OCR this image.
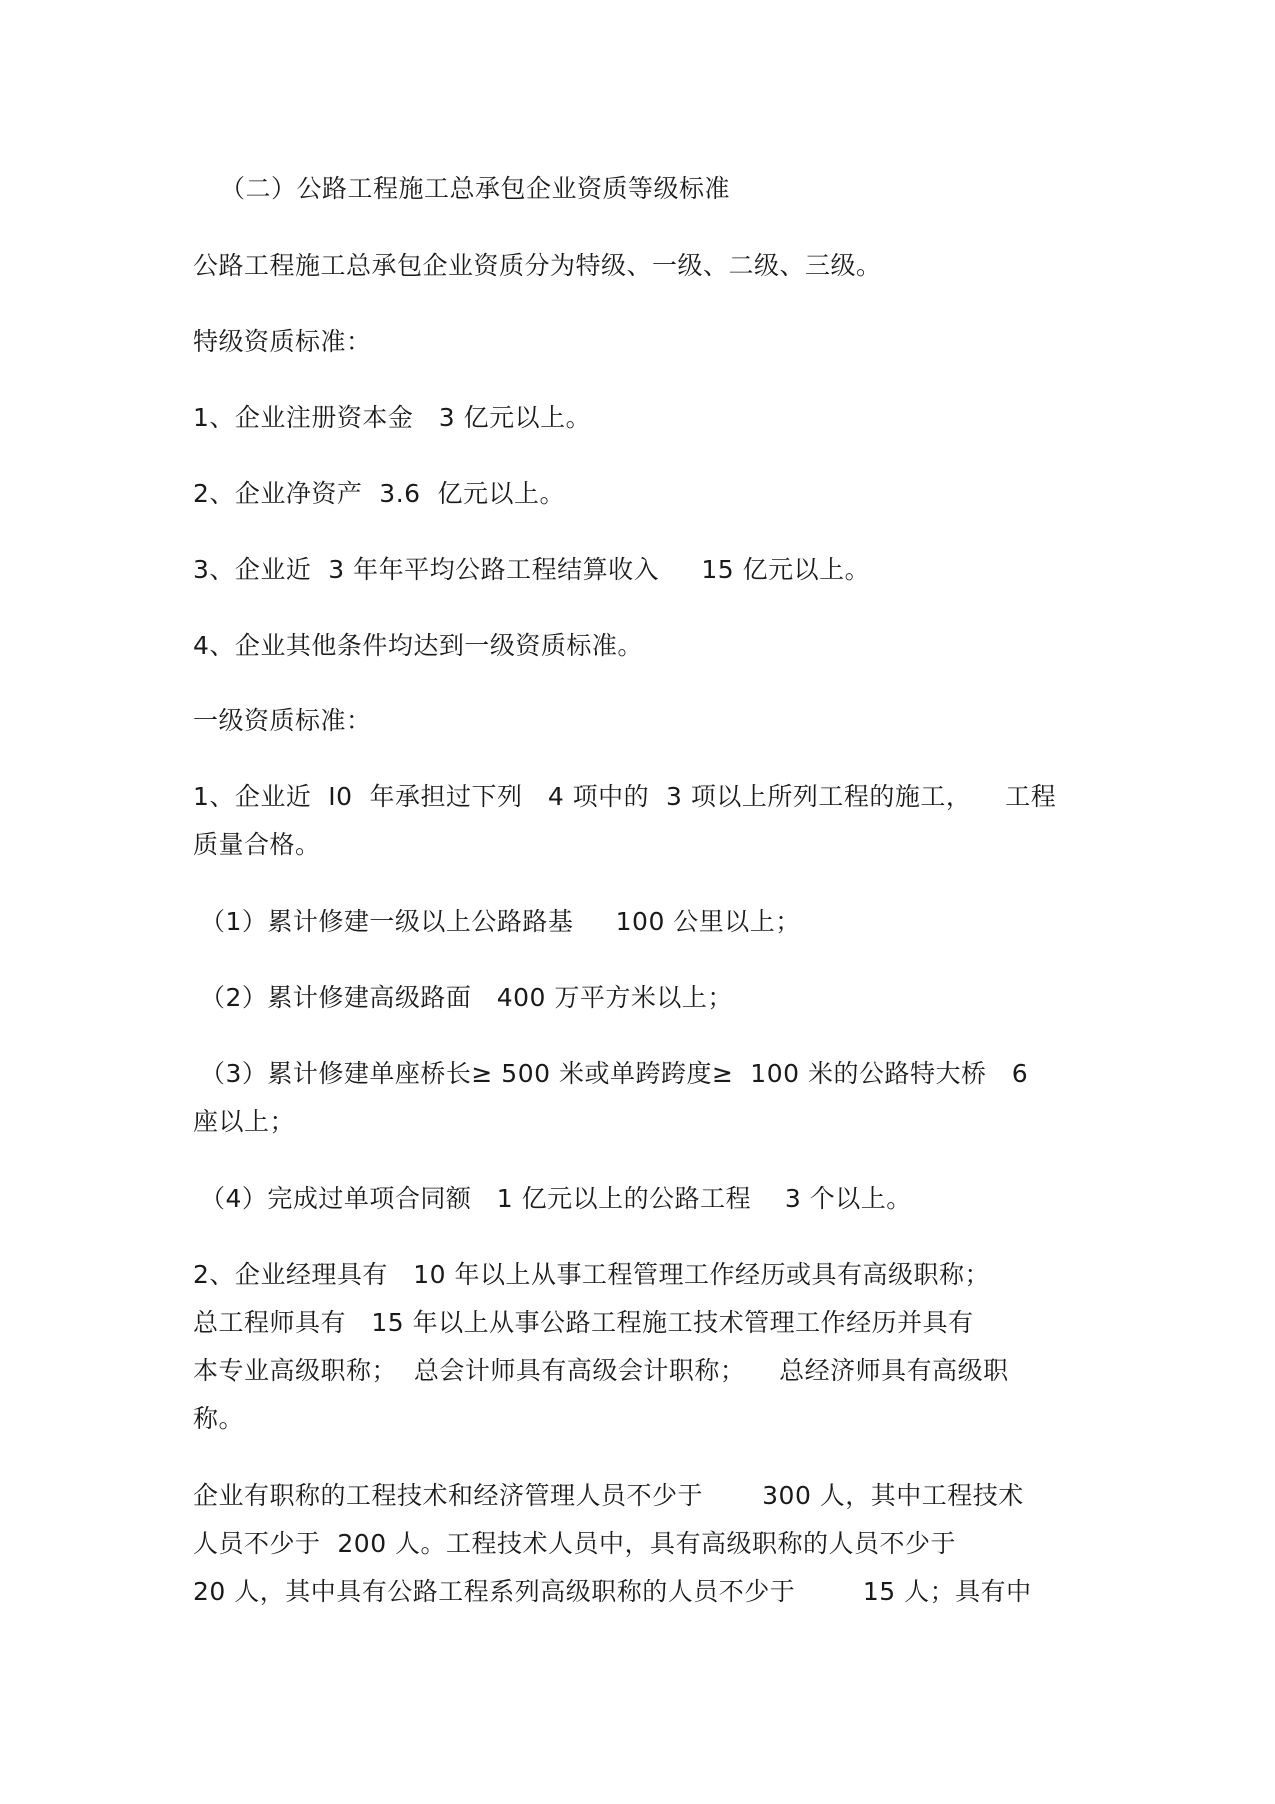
（二）公路工程施工总承包企业资质等级标准
公路工程施工总承包企业资质分为特级、一级、二级、三级。
特级资质标准：
1、企业注册资本金   3 亿元以上。
2、企业净资产  3.6  亿元以上。
3、企业近  3 年年平均公路工程结算收入     15 亿元以上。
4、企业其他条件均达到一级资质标准。
一级资质标准：
1、企业近  I0  年承担过下列   4 项中的  3 项以上所列工程的施工，    工程
质量合格。
（1）累计修建一级以上公路路基     100 公里以上；
（2）累计修建高级路面   400 万平方米以上；
（3）累计修建单座桥长≥ 500 米或单跨跨度≥  100 米的公路特大桥   6
座以上；
（4）完成过单项合同额   1 亿元以上的公路工程    3 个以上。
2、企业经理具有   10 年以上从事工程管理工作经历或具有高级职称；
总工程师具有   15 年以上从事公路工程施工技术管理工作经历并具有
本专业高级职称；  总会计师具有高级会计职称；    总经济师具有高级职
称。
企业有职称的工程技术和经济管理人员不少于       300 人，其中工程技术
人员不少于  200 人。工程技术人员中，具有高级职称的人员不少于
20 人，其中具有公路工程系列高级职称的人员不少于        15 人；具有中
